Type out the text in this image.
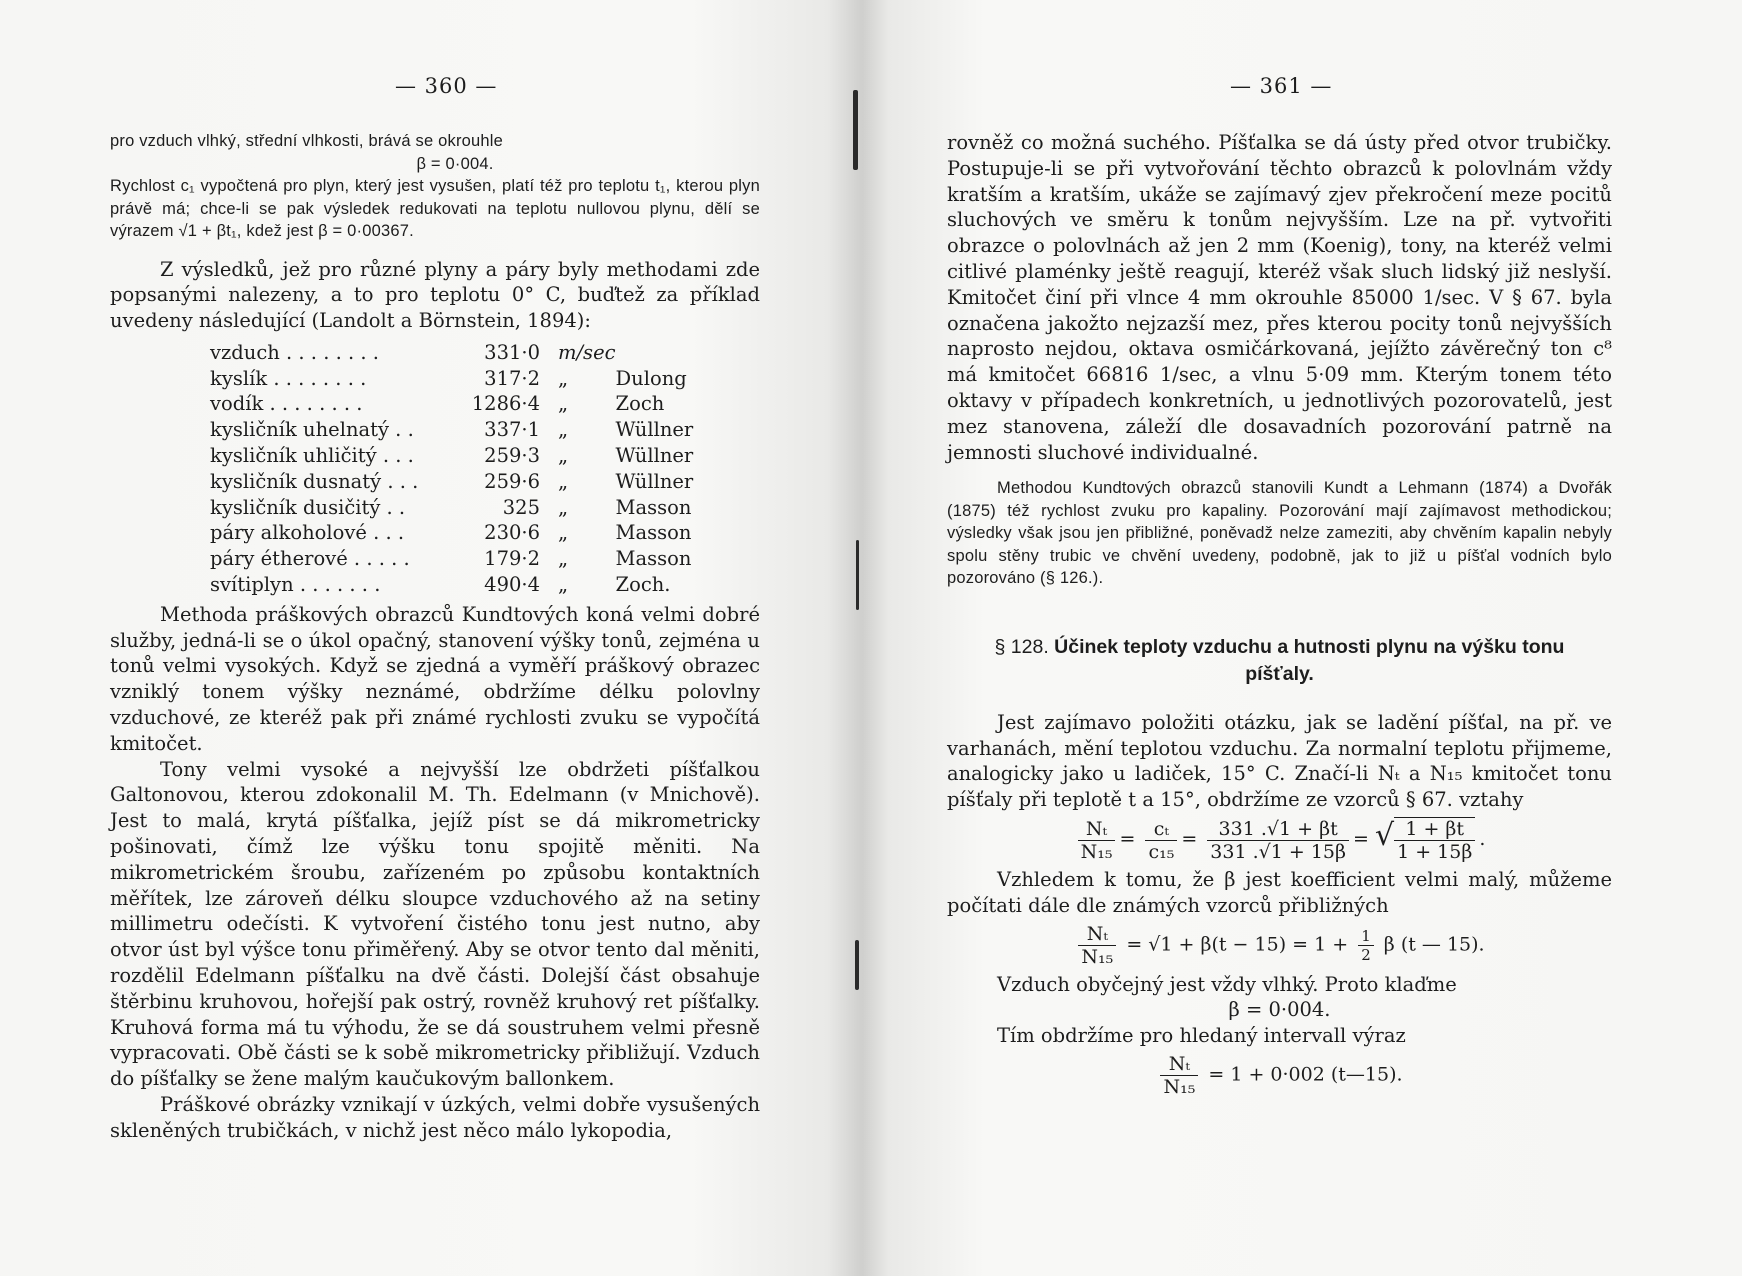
— 360 —

pro vzduch vlhký, střední vlhkosti, brává se okrouhle

β = 0·004.

Rychlost c₁ vypočtená pro plyn, který jest vysušen, platí též pro teplotu t₁, kterou plyn právě má; chce-li se pak výsledek redukovati na teplotu nullovou plynu, dělí se výrazem √1 + βt₁, kdež jest β = 0·00367.

Z výsledků, jež pro různé plyny a páry byly methodami zde popsanými nalezeny, a to pro teplotu 0° C, buďtež za příklad uvedeny následující (Landolt a Börnstein, 1894):

vzduch . . . . . . . .	331·0	m/sec	
kyslík . . . . . . . .	317·2	„	Dulong
vodík . . . . . . . .	1286·4	„	Zoch
kysličník uhelnatý . .	337·1	„	Wüllner
kysličník uhličitý . . .	259·3	„	Wüllner
kysličník dusnatý . . .	259·6	„	Wüllner
kysličník dusičitý . .	325	„	Masson
páry alkoholové . . .	230·6	„	Masson
páry étherové . . . . .	179·2	„	Masson
svítiplyn . . . . . . .	490·4	„	Zoch.

Methoda práškových obrazců Kundtových koná velmi dobré služby, jedná-li se o úkol opačný, stanovení výšky tonů, zejména u tonů velmi vysokých. Když se zjedná a vyměří práškový obrazec vzniklý tonem výšky neznámé, obdržíme délku polovlny vzduchové, ze kteréž pak při známé rychlosti zvuku se vypočítá kmitočet.

Tony velmi vysoké a nejvyšší lze obdržeti píšťalkou Galtonovou, kterou zdokonalil M. Th. Edelmann (v Mnichově). Jest to malá, krytá píšťalka, jejíž píst se dá mikrometricky pošinovati, čímž lze výšku tonu spojitě měniti. Na mikrometrickém šroubu, zařízeném po způsobu kontaktních měřítek, lze zároveň délku sloupce vzduchového až na setiny millimetru odečísti. K vytvoření čistého tonu jest nutno, aby otvor úst byl výšce tonu přiměřený. Aby se otvor tento dal měniti, rozdělil Edelmann píšťalku na dvě části. Dolejší část obsahuje štěrbinu kruhovou, hořejší pak ostrý, rovněž kruhový ret píšťalky. Kruhová forma má tu výhodu, že se dá soustruhem velmi přesně vypracovati. Obě části se k sobě mikrometricky přibližují. Vzduch do píšťalky se žene malým kaučukovým ballonkem.

Práškové obrázky vznikají v úzkých, velmi dobře vysušených skleněných trubičkách, v nichž jest něco málo lykopodia,

— 361 —

rovněž co možná suchého. Píšťalka se dá ústy před otvor trubičky. Postupuje-li se při vytvořování těchto obrazců k polovlnám vždy kratším a kratším, ukáže se zajímavý zjev překročení meze pocitů sluchových ve směru k tonům nejvyšším. Lze na př. vytvořiti obrazce o polovlnách až jen 2 mm (Koenig), tony, na kteréž velmi citlivé plaménky ještě reagují, kteréž však sluch lidský již neslyší. Kmitočet činí při vlnce 4 mm okrouhle 85000 1/sec. V § 67. byla označena jakožto nejzazší mez, přes kterou pocity tonů nejvyšších naprosto nejdou, oktava osmičárkovaná, jejížto závěrečný ton c⁸ má kmitočet 66816 1/sec, a vlnu 5·09 mm. Kterým tonem této oktavy v případech konkretních, u jednotlivých pozorovatelů, jest mez stanovena, záleží dle dosavadních pozorování patrně na jemnosti sluchové individualné.

Methodou Kundtových obrazců stanovili Kundt a Lehmann (1874) a Dvořák (1875) též rychlost zvuku pro kapaliny. Pozorování mají zajímavost methodickou; výsledky však jsou jen přibližné, poněvadž nelze zameziti, aby chvěním kapalin nebyly spolu stěny trubic ve chvění uvedeny, podobně, jak to již u píšťal vodních bylo pozorováno (§ 126.).

§ 128. Účinek teploty vzduchu a hutnosti plynu na výšku tonu píšťaly.

Jest zajímavo položiti otázku, jak se ladění píšťal, na př. ve varhanách, mění teplotou vzduchu. Za normalní teplotu přijmeme, analogicky jako u ladiček, 15° C. Značí-li Nₜ a N₁₅ kmitočet tonu píšťaly při teplotě t a 15°, obdržíme ze vzorců § 67. vztahy

$\frac{\text{Nₜ}}{\text{N₁₅}} = \frac{\text{cₜ}}{\text{c₁₅}} = \frac{331 .√1 + \beta t}{331 .√1 + 15\beta}$ = √ $\frac{1 + \beta t}{1 + 15\beta}$ .

Vzhledem k tomu, že β jest koefficient velmi malý, můžeme počítati dále dle známých vzorců přibližných

$\frac{\text{Nₜ}}{\text{N₁₅}} = √1 + \beta(t - 15) = 1 + \frac{1}{2}$ β (t — 15).

Vzduch obyčejný jest vždy vlhký. Proto klaďme

β = 0·004.

Tím obdržíme pro hledaný intervall výraz

$\frac{\text{Nₜ}}{\text{N₁₅}} = 1 + 0\cdot 002$ (t—15).
